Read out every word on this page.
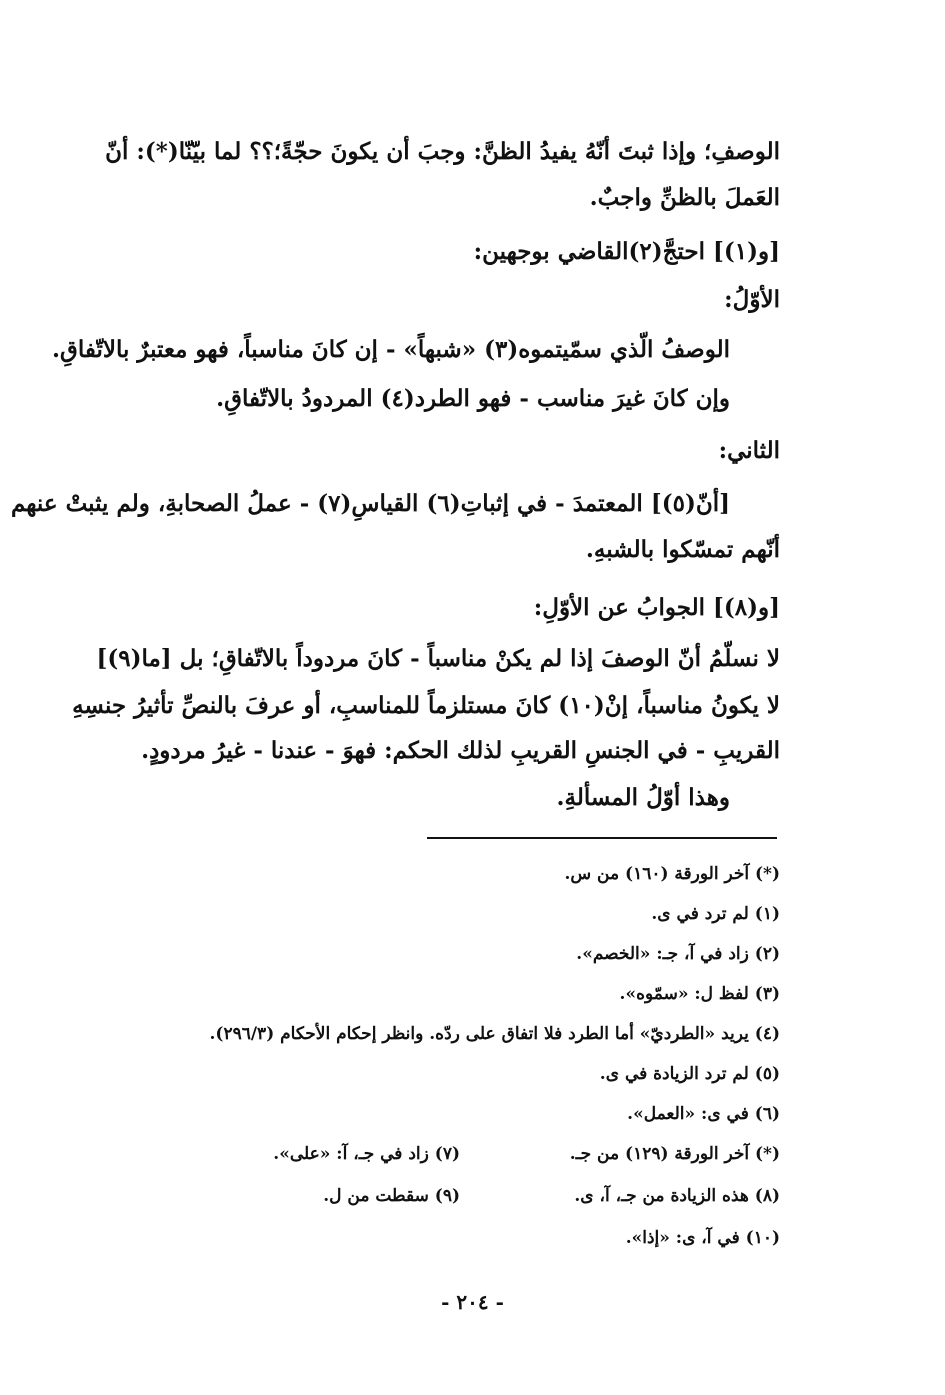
الوصفِ؛ وإذا ثبتَ أنّهُ يفيدُ الظنَّ: وجبَ أن يكونَ حجّةً؛؟؟ لما بيّنّا(*): أنّ
العَملَ بالظنِّ واجبٌ.
[و(١)] احتجَّ(٢)القاضي بوجهين:
الأوّلُ:
الوصفُ الّذي سمّيتموه(٣) «شبهاً» - إن كانَ مناسباً، فهو معتبرٌ بالاتّفاقِ.
وإن كانَ غيرَ مناسب - فهو الطرد(٤) المردودُ بالاتّفاقِ.
الثاني:
[أنّ(٥)] المعتمدَ - في إثباتِ(٦) القياسِ(٧) - عملُ الصحابةِ، ولم يثبتْ عنهم
أنّهم تمسّكوا بالشبهِ.
[و(٨)] الجوابُ عن الأوّلِ:
لا نسلّمُ أنّ الوصفَ إذا لم يكنْ مناسباً - كانَ مردوداً بالاتّفاقِ؛ بل [ما(٩)]
لا يكونُ مناسباً، إنْ(١٠) كانَ مستلزماً للمناسبِ، أو عرفَ بالنصِّ تأثيرُ جنسِهِ
القريبِ - في الجنسِ القريبِ لذلك الحكم: فهوَ - عندنا - غيرُ مردودٍ.
وهذا أوّلُ المسألةِ.
(*) آخر الورقة (١٦٠) من س.
(١) لم ترد في ى.
(٢) زاد في آ، جـ: «الخصم».
(٣) لفظ ل: «سمّوه».
(٤) يريد «الطرديّ» أما الطرد فلا اتفاق على ردّه. وانظر إحكام الأحكام (٢٩٦/٣).
(٥) لم ترد الزيادة في ى.
(٦) في ى: «العمل».
(*) آخر الورقة (١٢٩) من جـ.
(٧) زاد في جـ، آ: «على».
(٨) هذه الزيادة من جـ، آ، ى.
(٩) سقطت من ل.
(١٠) في آ، ى: «إذا».
- ٢٠٤ -
